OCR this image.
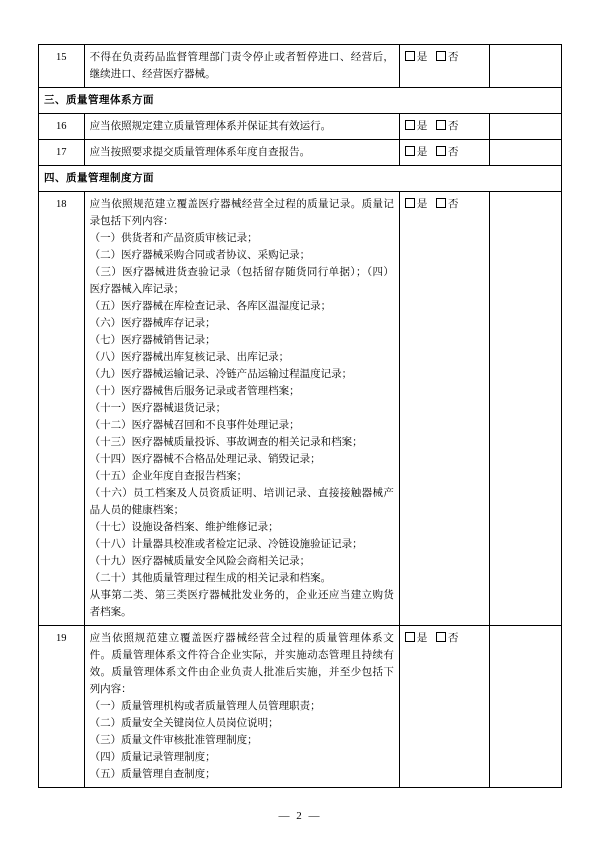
15	不得在负责药品监督管理部门责令停止或者暂停进口、经营后，继续进口、经营医疗器械。	是 否	
三、质量管理体系方面			
16	应当依照规定建立质量管理体系并保证其有效运行。	是 否	
17	应当按照要求提交质量管理体系年度自查报告。	是 否	
四、质量管理制度方面			
18	应当依照规范建立覆盖医疗器械经营全过程的质量记录。质量记录包括下列内容：

（一）供货者和产品资质审核记录；

（二）医疗器械采购合同或者协议、采购记录；

（三）医疗器械进货查验记录（包括留存随货同行单据）；（四）医疗器械入库记录；

（五）医疗器械在库检查记录、各库区温湿度记录；

（六）医疗器械库存记录；

（七）医疗器械销售记录；

（八）医疗器械出库复核记录、出库记录；

（九）医疗器械运输记录、冷链产品运输过程温度记录；

（十）医疗器械售后服务记录或者管理档案；

（十一）医疗器械退货记录；

（十二）医疗器械召回和不良事件处理记录；

（十三）医疗器械质量投诉、事故调查的相关记录和档案；

（十四）医疗器械不合格品处理记录、销毁记录；

（十五）企业年度自查报告档案；

（十六）员工档案及人员资质证明、培训记录、直接接触器械产品人员的健康档案；

（十七）设施设备档案、维护维修记录；

（十八）计量器具校准或者检定记录、冷链设施验证记录；

（十九）医疗器械质量安全风险会商相关记录；

（二十）其他质量管理过程生成的相关记录和档案。

从事第二类、第三类医疗器械批发业务的，企业还应当建立购货者档案。

	是 否	
19	应当依照规范建立覆盖医疗器械经营全过程的质量管理体系文件。质量管理体系文件符合企业实际，并实施动态管理且持续有效。质量管理体系文件由企业负责人批准后实施，并至少包括下列内容：

（一）质量管理机构或者质量管理人员管理职责；

（二）质量安全关键岗位人员岗位说明；

（三）质量文件审核批准管理制度；

（四）质量记录管理制度；

（五）质量管理自查制度；

	是 否	
— 2 —
